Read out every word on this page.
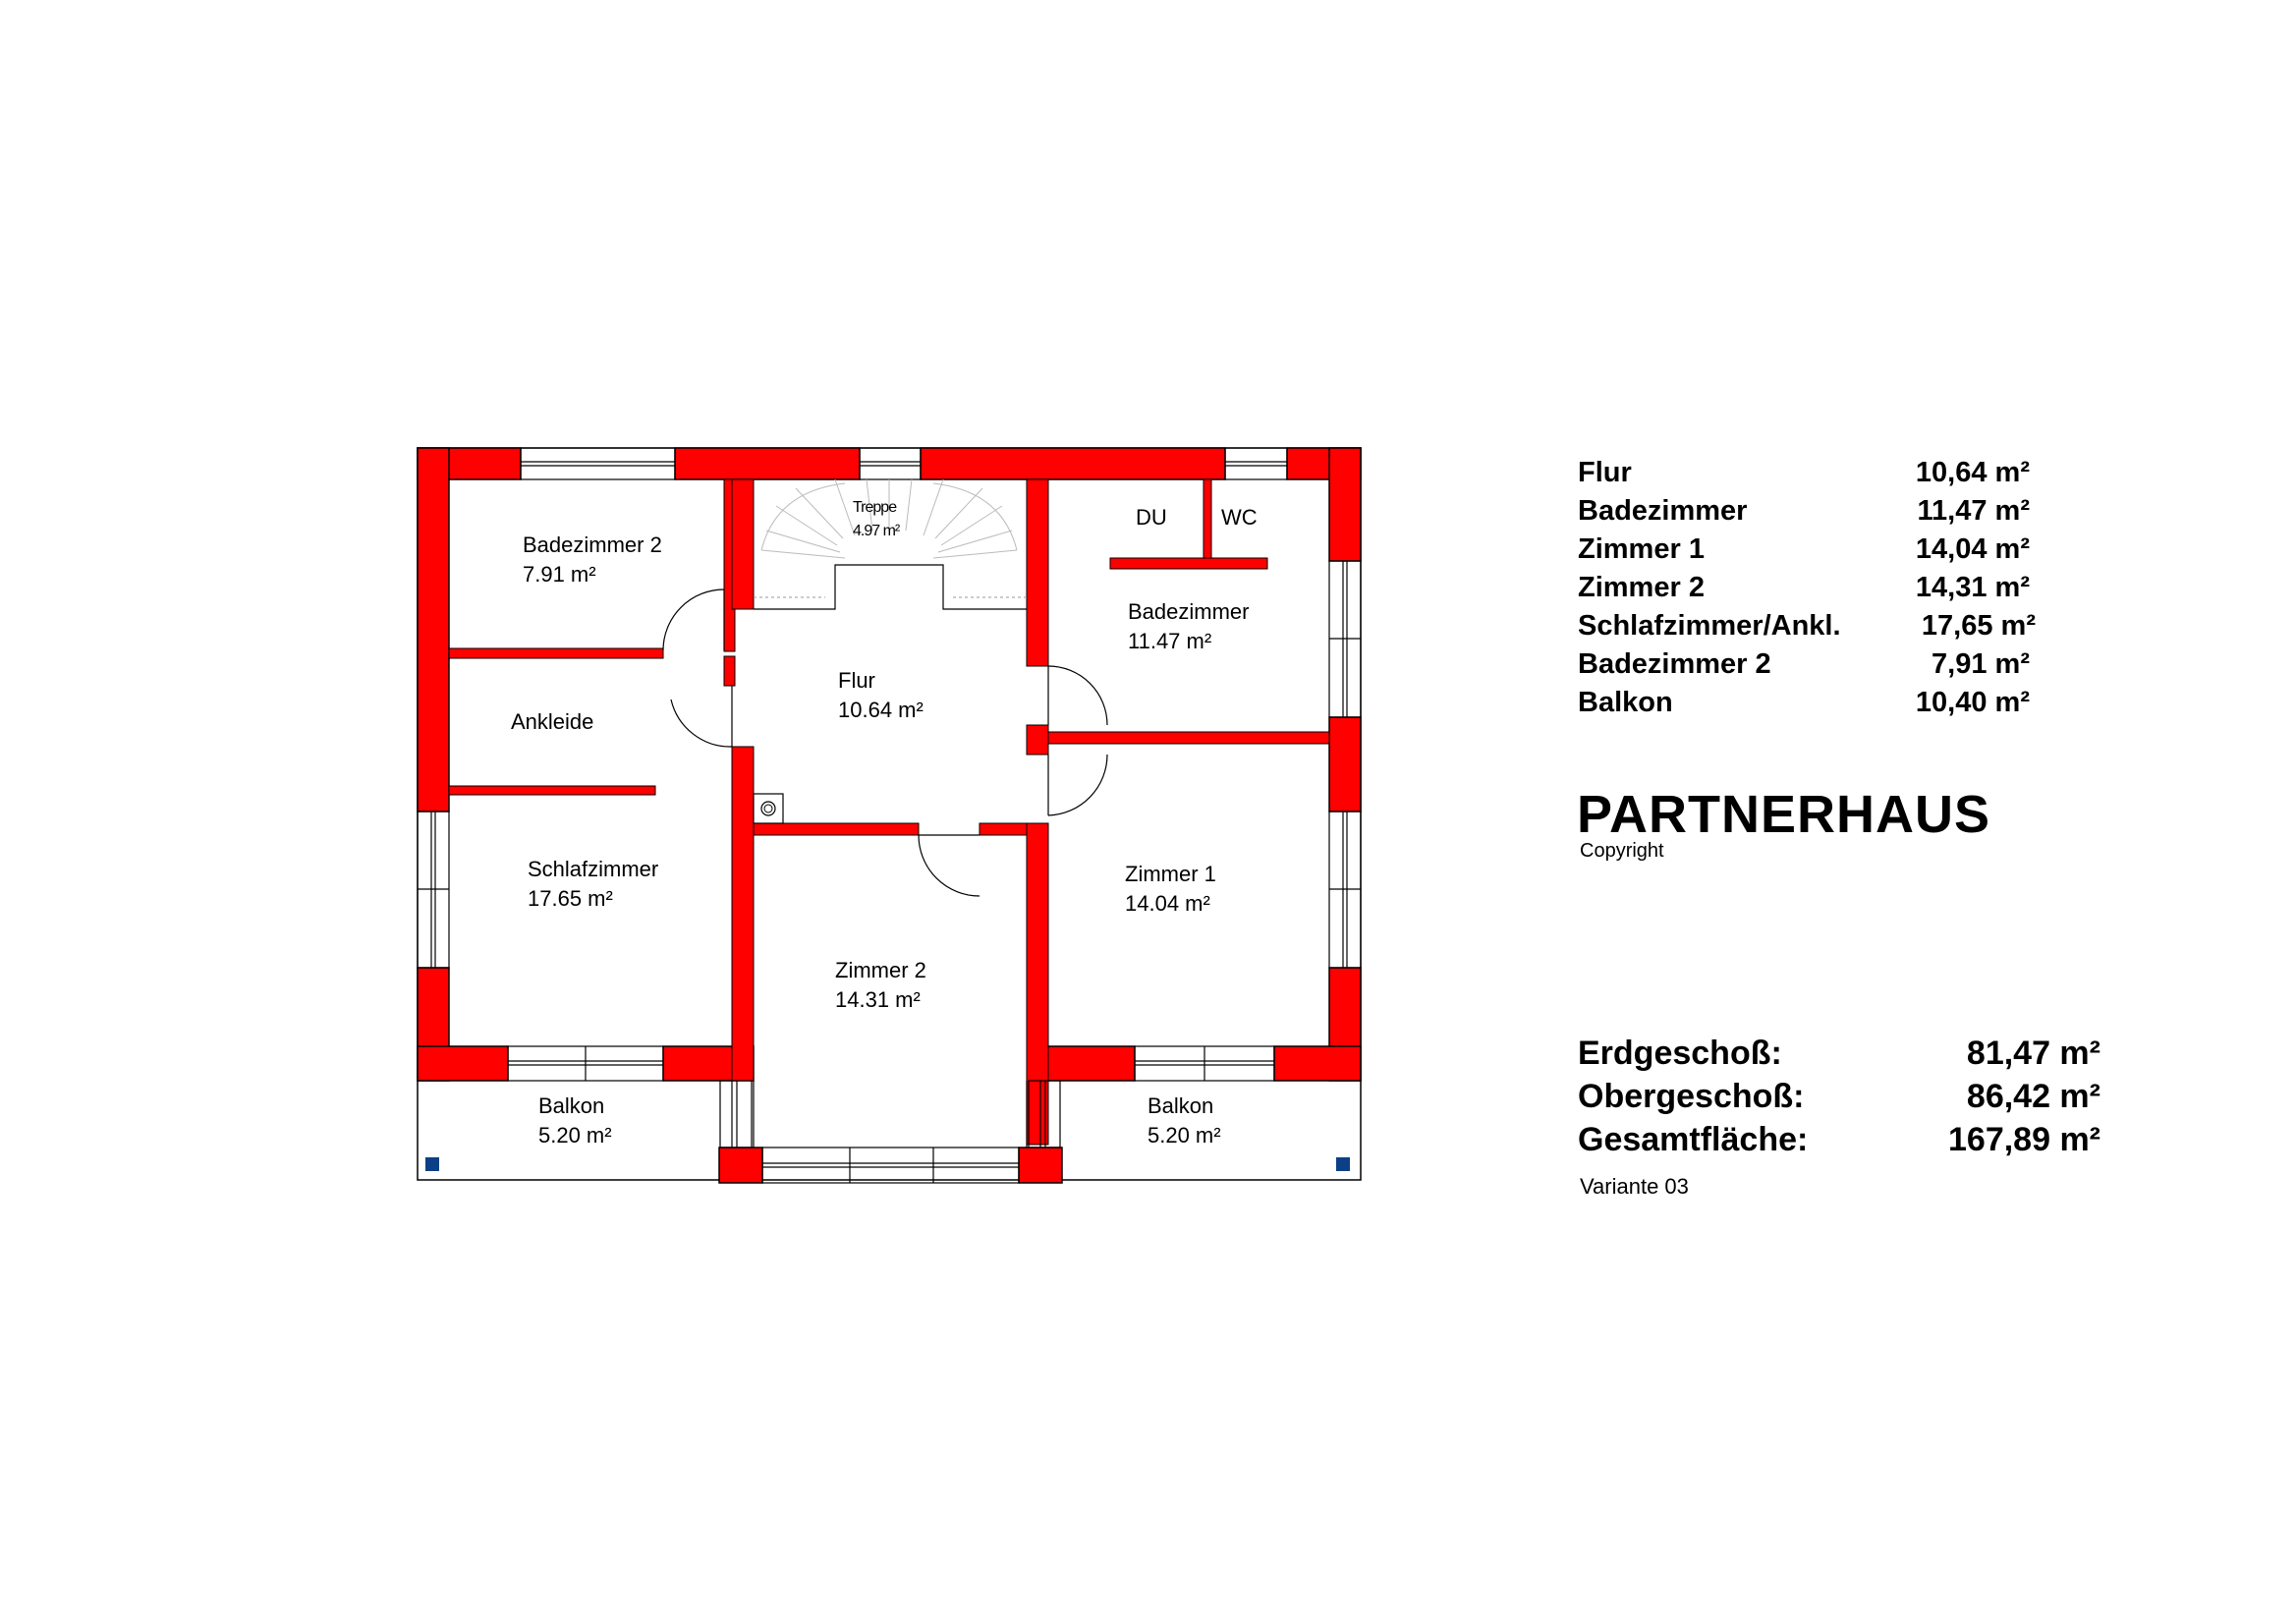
Badezimmer 2
7.91 m²
Ankleide
Schlafzimmer
17.65 m²
Balkon
5.20 m²
Treppe
4.97 m²
Flur
10.64 m²
Zimmer 2
14.31 m²
DU	WC
Badezimmer
11.47 m²
Zimmer 1
14.04 m²
Balkon
5.20 m²
Flur	10,64 m²
Badezimmer	11,47 m²
Zimmer 1	14,04 m²
Zimmer 2	14,31 m²
Schlafzimmer/Ankl.	17,65 m²
Badezimmer 2	7,91 m²
Balkon	10,40 m²
PARTNERHAUS
Copyright
Erdgeschoß:	81,47 m²
Obergeschoß:	86,42 m²
Gesamtfläche:	167,89 m²
Variante 03
